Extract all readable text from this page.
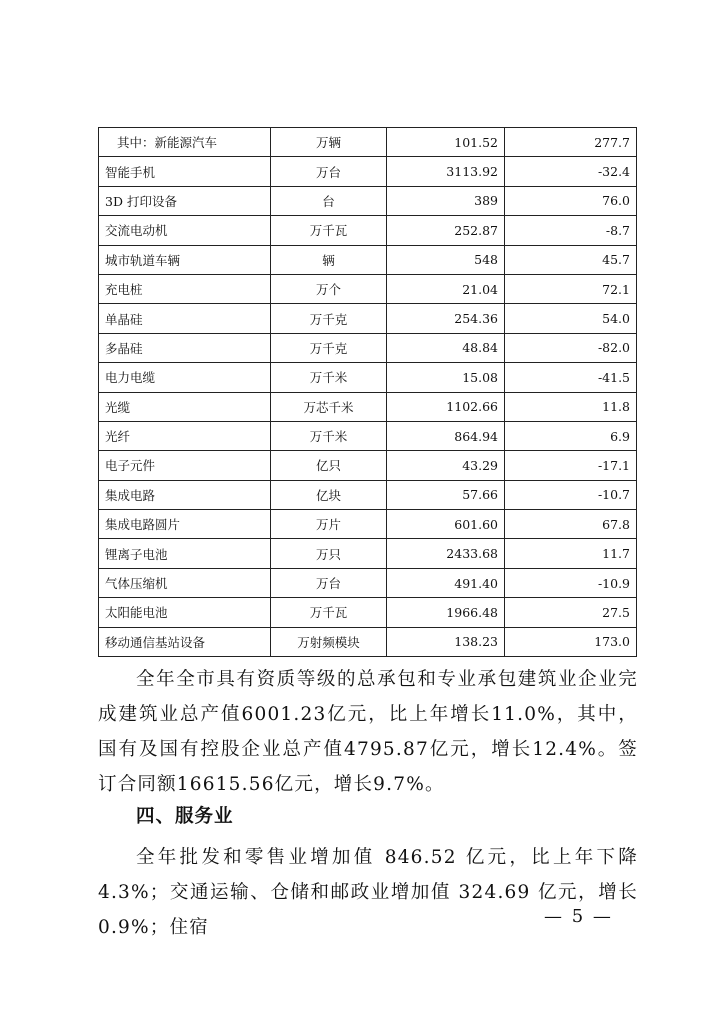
其中：新能源汽车	万辆	101.52	277.7
智能手机	万台	3113.92	-32.4
3D 打印设备	台	389	76.0
交流电动机	万千瓦	252.87	-8.7
城市轨道车辆	辆	548	45.7
充电桩	万个	21.04	72.1
单晶硅	万千克	254.36	54.0
多晶硅	万千克	48.84	-82.0
电力电缆	万千米	15.08	-41.5
光缆	万芯千米	1102.66	11.8
光纤	万千米	864.94	6.9
电子元件	亿只	43.29	-17.1
集成电路	亿块	57.66	-10.7
集成电路圆片	万片	601.60	67.8
锂离子电池	万只	2433.68	11.7
气体压缩机	万台	491.40	-10.9
太阳能电池	万千瓦	1966.48	27.5
移动通信基站设备	万射频模块	138.23	173.0

全年全市具有资质等级的总承包和专业承包建筑业企业完成建筑业总产值6001.23亿元，比上年增长11.0%，其中，国有及国有控股企业总产值4795.87亿元，增长12.4%。签订合同额16615.56亿元，增长9.7%。

四、服务业

全年批发和零售业增加值 846.52 亿元，比上年下降 4.3%；交通运输、仓储和邮政业增加值 324.69 亿元，增长 0.9%；住宿

— 5 —
